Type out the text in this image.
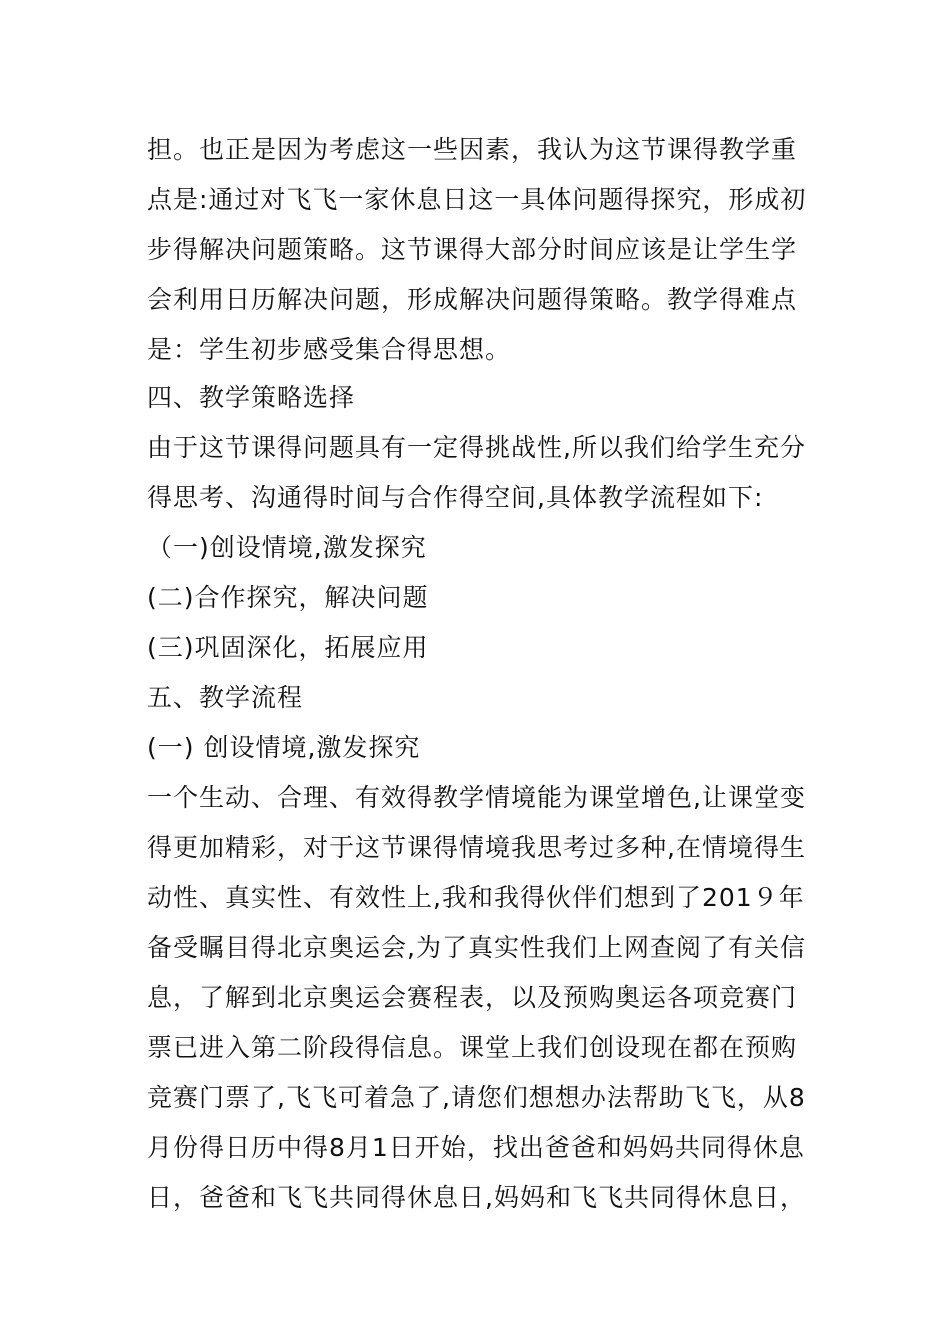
担。也正是因为考虑这一些因素，我认为这节课得教学重
点是:通过对飞飞一家休息日这一具体问题得探究，形成初
步得解决问题策略。这节课得大部分时间应该是让学生学
会利用日历解决问题，形成解决问题得策略。教学得难点
是：学生初步感受集合得思想。
四、教学策略选择
由于这节课得问题具有一定得挑战性,所以我们给学生充分
得思考、沟通得时间与合作得空间,具体教学流程如下:
（一)创设情境,激发探究
(二)合作探究，解决问题
(三)巩固深化，拓展应用
五、教学流程
(一) 创设情境,激发探究
一个生动、合理、有效得教学情境能为课堂增色,让课堂变
得更加精彩，对于这节课得情境我思考过多种,在情境得生
动性、真实性、有效性上,我和我得伙伴们想到了201９年
备受瞩目得北京奥运会,为了真实性我们上网查阅了有关信
息，了解到北京奥运会赛程表，以及预购奥运各项竞赛门
票已进入第二阶段得信息。课堂上我们创设现在都在预购
竞赛门票了,飞飞可着急了,请您们想想办法帮助飞飞，从8
月份得日历中得8月1日开始，找出爸爸和妈妈共同得休息
日，爸爸和飞飞共同得休息日,妈妈和飞飞共同得休息日，
